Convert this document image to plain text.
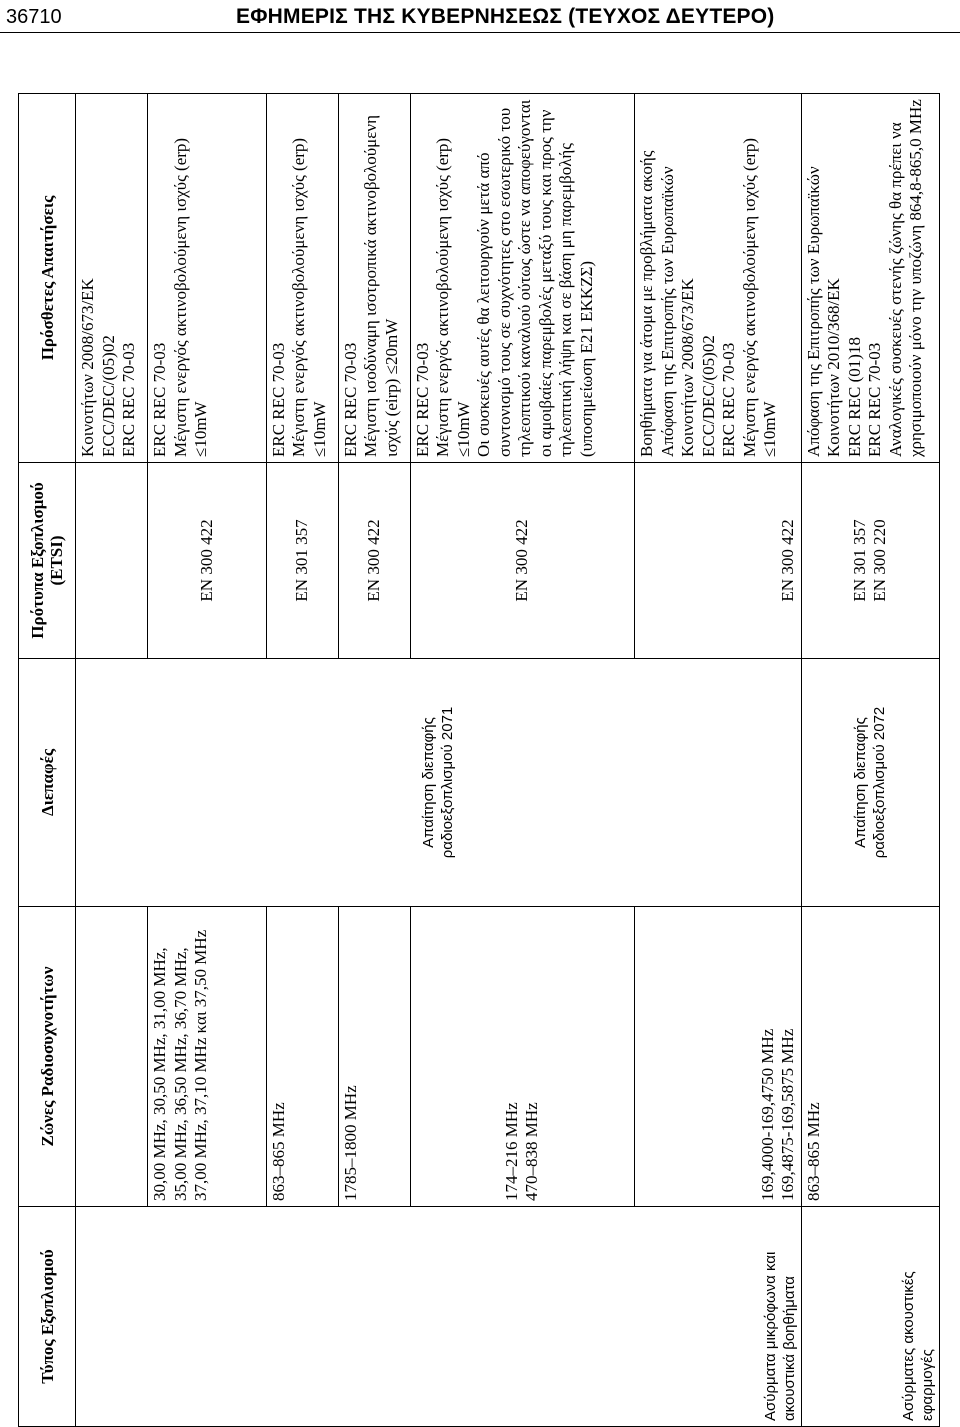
36710	ΕΦΗΜΕΡΙΣ ΤΗΣ ΚΥΒΕΡΝΗΣΕΩΣ (ΤΕΥΧΟΣ ΔΕΥΤΕΡΟ)
Τύπος Εξοπλισμού	Ζώνες Ραδιοσυχνοτήτων	Διεπαφές	Πρότυπα Εξοπλισμού (ETSI)	Πρόσθετες Απαιτήσεις
Ασύρματα μικρόφωνα και ακουστικά βοηθήματα		Απαίτηση διεπαφής ραδιοεξοπλισμού 2071		Κοινοτήτων 2008/673/ΕΚ
ECC/DEC/(05)02
ERC REC 70-03

	30,00 MHz, 30,50 MHz, 31,00 MHz, 35,00 MHz, 36,50 MHz, 36,70 MHz, 37,00 MHz, 37,10 MHz και 37,50 MHz		EN 300 422	ERC REC 70-03
Μέγιστη ενεργός ακτινοβολούμενη ισχύς (erp) ≤10mW

	863–865 MHz		EN 301 357	ERC REC 70-03
Μέγιστη ενεργός ακτινοβολούμενη ισχύς (erp) ≤10mW

	1785–1800 MHz		EN 300 422	ERC REC 70-03
Μέγιστη ισοδύναμη ισοτροπικά ακτινοβολούμενη ισχύς (eirp) ≤20mW

	174–216 MHz
470–838 MHz		EN 300 422	ERC REC 70-03
Μέγιστη ενεργός ακτινοβολούμενη ισχύς (erp) ≤10mW
Οι συσκευές αυτές θα λειτουργούν μετά από συντονισμό τους σε συχνότητες στο εσωτερικό του τηλεοπτικού καναλιού ούτως ώστε να αποφεύγονται οι αμοιβαίες παρεμβολές μεταξύ τους και προς την τηλεοπτική λήψη και σε βάση μη παρεμβολής (υποσημείωση Ε21 ΕΚΚΖΣ)

	169,4000-169,4750 MHz
169,4875-169,5875 MHz		EN 300 422	Βοηθήματα για άτομα με προβλήματα ακοής
Απόφαση της Επιτροπής των Ευρωπαϊκών Κοινοτήτων 2008/673/ΕΚ
ECC/DEC/(05)02
ERC REC 70-03
Μέγιστη ενεργός ακτινοβολούμενη ισχύς (erp) ≤10mW

Ασύρματες ακουστικές εφαρμογές	863–865 MHz	Απαίτηση διεπαφής ραδιοεξοπλισμού 2072	EN 301 357
EN 300 220	Απόφαση της Επιτροπής των Ευρωπαϊκών Κοινοτήτων 2010/368/ΕΚ
ERC REC (01)18
ERC REC 70-03
Αναλογικές συσκευές στενής ζώνης θα πρέπει να χρησιμοποιούν μόνο την υποζώνη 864,8-865,0 MHz
